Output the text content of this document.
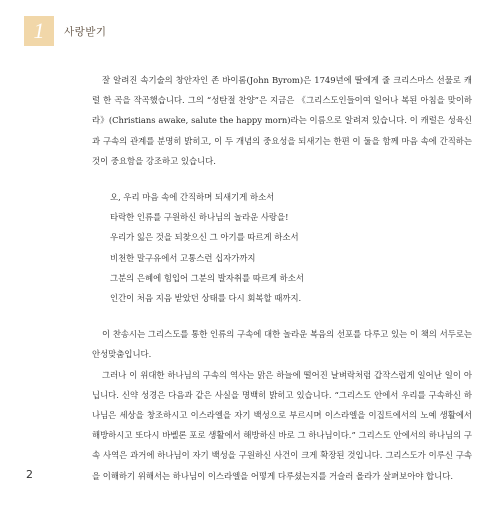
1 사랑받기

잘 알려진 속기술의 창안자인 존 바이롬(John Byrom)은 1749년에 딸에게 줄 크리스마스 선물로 캐럴 한 곡을 작곡했습니다. 그의 “성탄절 찬양”은 지금은 《그리스도인들이여 일어나 복된 아침을 맞이하라》(Christians awake, salute the happy morn)라는 이름으로 알려져 있습니다. 이 캐럴은 성육신과 구속의 관계를 분명히 밝히고, 이 두 개념의 중요성을 되새기는 한편 이 둘을 함께 마음 속에 간직하는 것이 중요함을 강조하고 있습니다.

오, 우리 마음 속에 간직하며 되새기게 하소서
타락한 인류를 구원하신 하나님의 놀라운 사랑을!
우리가 잃은 것을 되찾으신 그 아기를 따르게 하소서
비천한 말구유에서 고통스런 십자가까지
그분의 은혜에 힘입어 그분의 발자취를 따르게 하소서
인간이 처음 지음 받았던 상태를 다시 회복할 때까지.

이 찬송시는 그리스도를 통한 인류의 구속에 대한 놀라운 복음의 선포를 다루고 있는 이 책의 서두로는 안성맞춤입니다.

그러나 이 위대한 하나님의 구속의 역사는 맑은 하늘에 떨어진 날벼락처럼 갑작스럽게 일어난 일이 아닙니다. 신약 성경은 다음과 같은 사실을 명백히 밝히고 있습니다. “그리스도 안에서 우리를 구속하신 하나님은 세상을 창조하시고 이스라엘을 자기 백성으로 부르시며 이스라엘을 이집트에서의 노예 생활에서 해방하시고 또다시 바벨론 포로 생활에서 해방하신 바로 그 하나님이다.” 그리스도 안에서의 하나님의 구속 사역은 과거에 하나님이 자기 백성을 구원하신 사건이 크게 확장된 것입니다. 그리스도가 이루신 구속을 이해하기 위해서는 하나님이 이스라엘을 어떻게 다루셨는지를 거슬러 올라가 살펴보아야 합니다.

2
